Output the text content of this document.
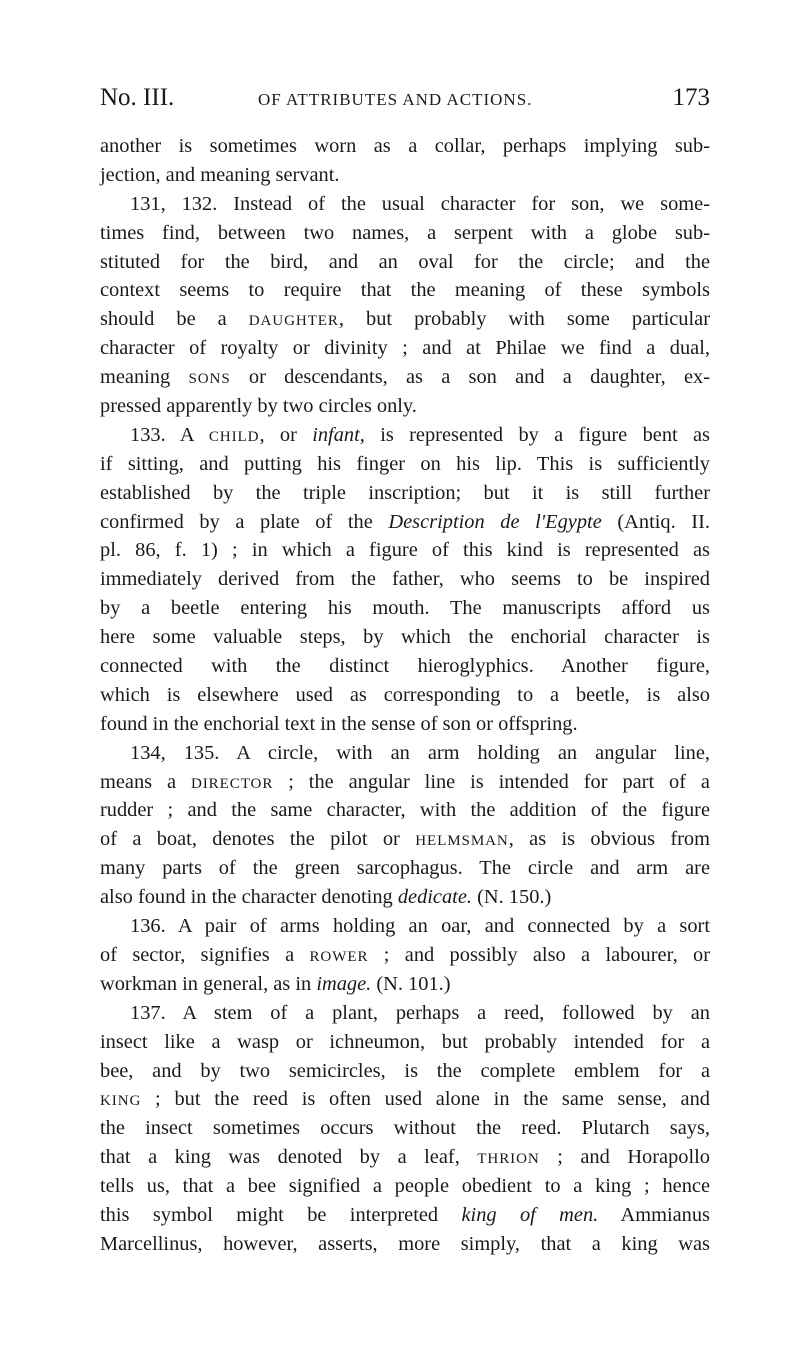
No. III.	OF ATTRIBUTES AND ACTIONS.	173
another is sometimes worn as a collar, perhaps implying sub-
jection, and meaning servant.
131, 132. Instead of the usual character for son, we some-
times find, between two names, a serpent with a globe sub-
stituted for the bird, and an oval for the circle; and the
context seems to require that the meaning of these symbols
should be a DAUGHTER, but probably with some particular
character of royalty or divinity ; and at Philae we find a dual,
meaning SONS or descendants, as a son and a daughter, ex-
pressed apparently by two circles only.
133. A CHILD, or infant, is represented by a figure bent as
if sitting, and putting his finger on his lip. This is sufficiently
established by the triple inscription; but it is still further
confirmed by a plate of the Description de l'Egypte (Antiq. II.
pl. 86, f. 1) ; in which a figure of this kind is represented as
immediately derived from the father, who seems to be inspired
by a beetle entering his mouth. The manuscripts afford us
here some valuable steps, by which the enchorial character is
connected with the distinct hieroglyphics. Another figure,
which is elsewhere used as corresponding to a beetle, is also
found in the enchorial text in the sense of son or offspring.
134, 135. A circle, with an arm holding an angular line,
means a DIRECTOR ; the angular line is intended for part of a
rudder ; and the same character, with the addition of the figure
of a boat, denotes the pilot or HELMSMAN, as is obvious from
many parts of the green sarcophagus. The circle and arm are
also found in the character denoting dedicate. (N. 150.)
136. A pair of arms holding an oar, and connected by a sort
of sector, signifies a ROWER ; and possibly also a labourer, or
workman in general, as in image. (N. 101.)
137. A stem of a plant, perhaps a reed, followed by an
insect like a wasp or ichneumon, but probably intended for a
bee, and by two semicircles, is the complete emblem for a
KING ; but the reed is often used alone in the same sense, and
the insect sometimes occurs without the reed. Plutarch says,
that a king was denoted by a leaf, THRION ; and Horapollo
tells us, that a bee signified a people obedient to a king ; hence
this symbol might be interpreted king of men. Ammianus
Marcellinus, however, asserts, more simply, that a king was
